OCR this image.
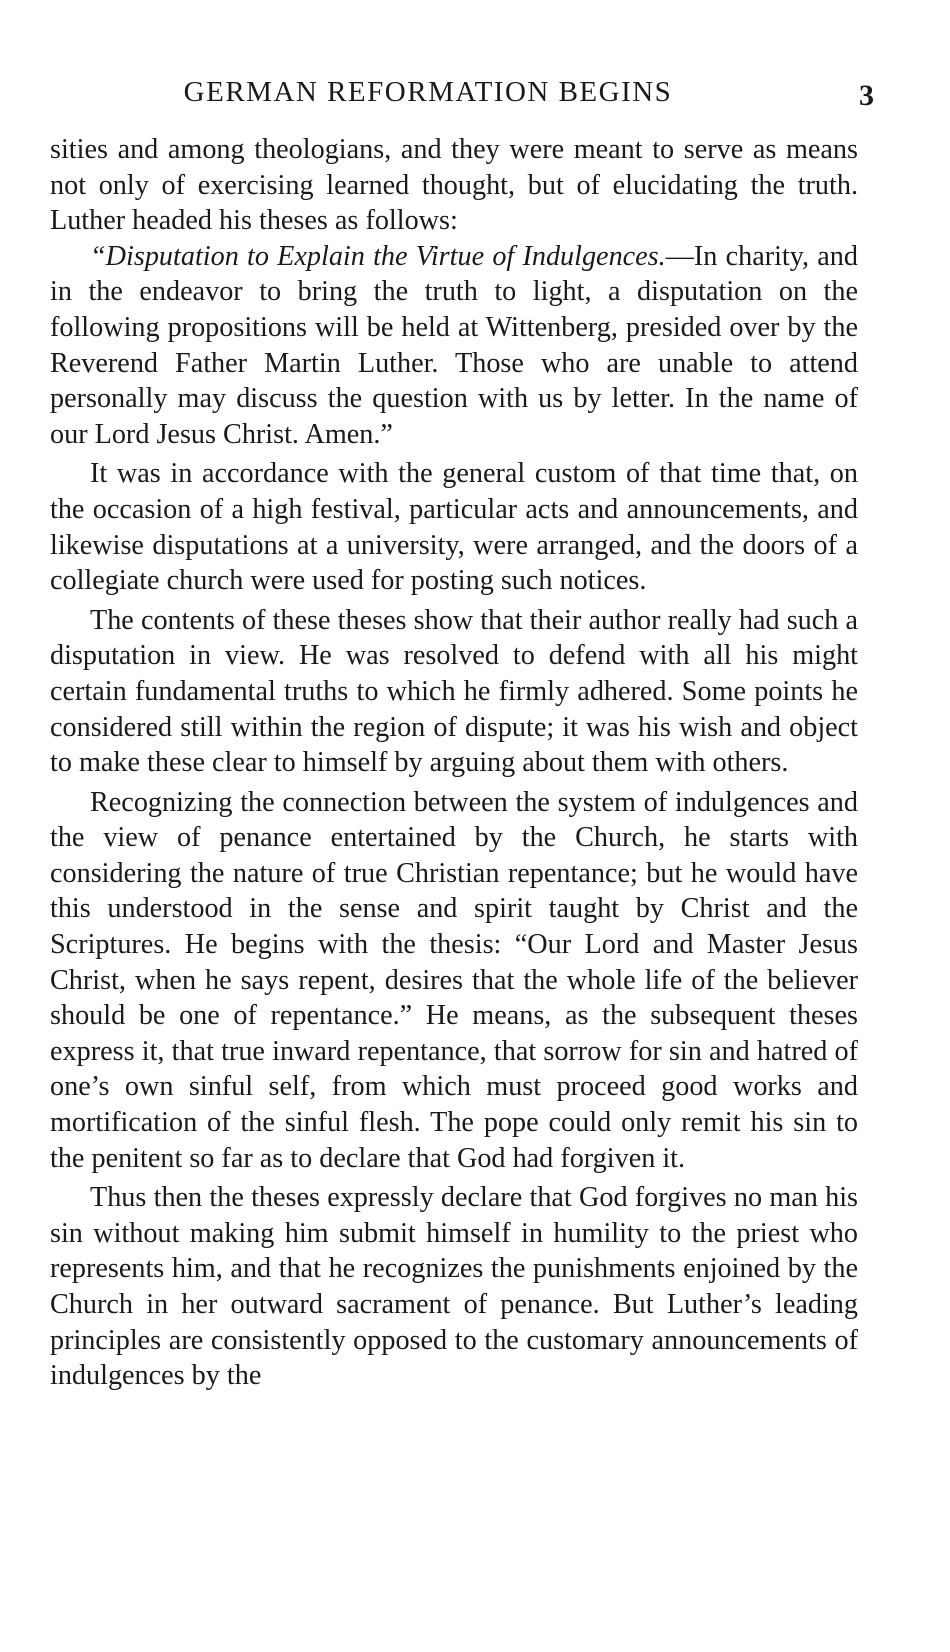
GERMAN REFORMATION BEGINS	3

sities and among theologians, and they were meant to serve as means not only of exercising learned thought, but of elucidating the truth. Luther headed his theses as follows:

“Disputation to Explain the Virtue of Indulgences.—In charity, and in the endeavor to bring the truth to light, a disputation on the following propositions will be held at Wittenberg, presided over by the Reverend Father Martin Luther. Those who are unable to attend personally may discuss the question with us by letter. In the name of our Lord Jesus Christ. Amen.”

It was in accordance with the general custom of that time that, on the occasion of a high festival, particular acts and announcements, and likewise disputations at a university, were arranged, and the doors of a collegiate church were used for posting such notices.

The contents of these theses show that their author really had such a disputation in view. He was resolved to defend with all his might certain fundamental truths to which he firmly adhered. Some points he considered still within the region of dispute; it was his wish and object to make these clear to himself by arguing about them with others.

Recognizing the connection between the system of indulgences and the view of penance entertained by the Church, he starts with considering the nature of true Christian repentance; but he would have this understood in the sense and spirit taught by Christ and the Scriptures. He begins with the thesis: “Our Lord and Master Jesus Christ, when he says repent, desires that the whole life of the believer should be one of repentance.” He means, as the subsequent theses express it, that true inward repentance, that sorrow for sin and hatred of one’s own sinful self, from which must proceed good works and mortification of the sinful flesh. The pope could only remit his sin to the penitent so far as to declare that God had forgiven it.

Thus then the theses expressly declare that God forgives no man his sin without making him submit himself in humility to the priest who represents him, and that he recognizes the punishments enjoined by the Church in her outward sacrament of penance. But Luther’s leading principles are consistently opposed to the customary announcements of indulgences by the
